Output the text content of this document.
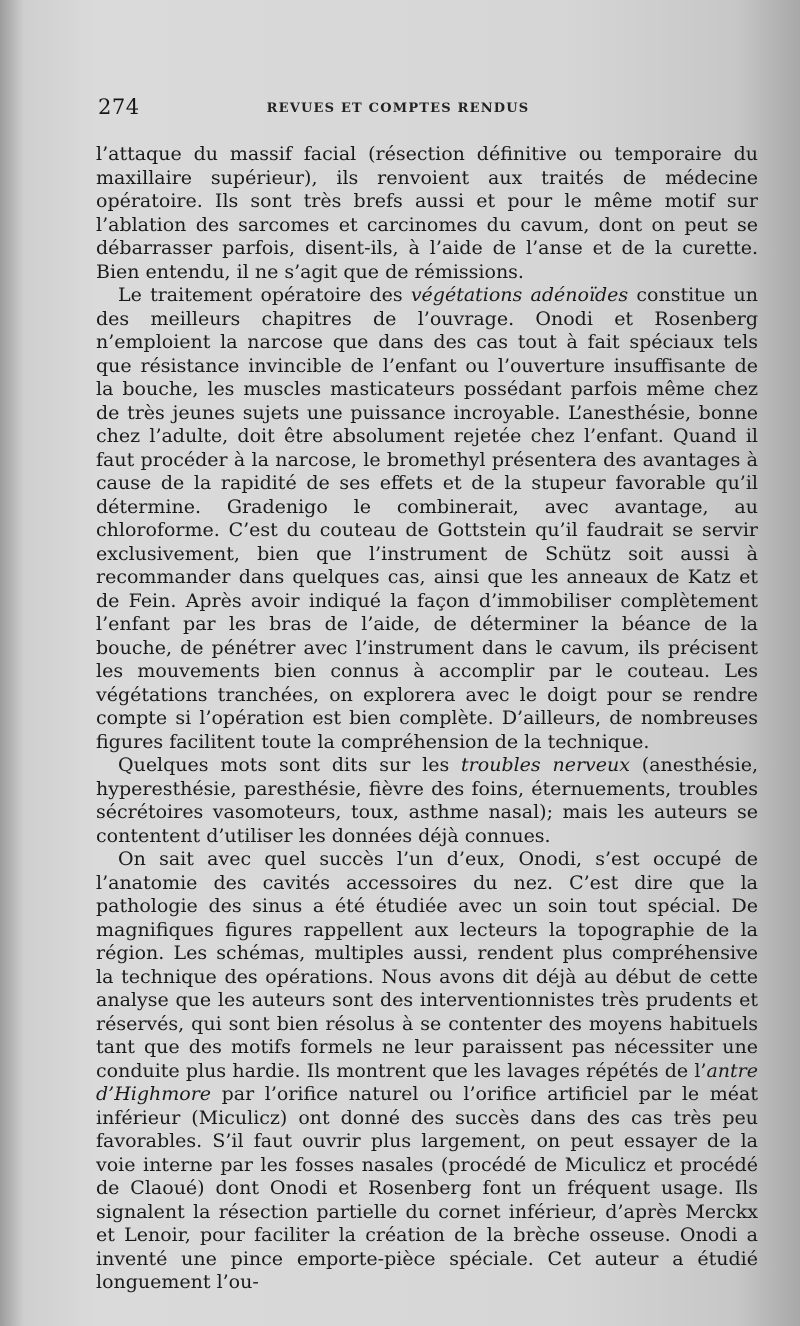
274	REVUES ET COMPTES RENDUS

l’attaque du massif facial (résection définitive ou temporaire du maxillaire supérieur), ils renvoient aux traités de médecine opératoire. Ils sont très brefs aussi et pour le même motif sur l’ablation des sarcomes et carcinomes du cavum, dont on peut se débarrasser parfois, disent-ils, à l’aide de l’anse et de la curette. Bien entendu, il ne s’agit que de rémissions.

Le traitement opératoire des végétations adénoïdes constitue un des meilleurs chapitres de l’ouvrage. Onodi et Rosenberg n’emploient la narcose que dans des cas tout à fait spéciaux tels que résistance invincible de l’enfant ou l’ouverture insuffisante de la bouche, les muscles masticateurs possédant parfois même chez de très jeunes sujets une puissance incroyable. L’anesthésie, bonne chez l’adulte, doit être absolument rejetée chez l’enfant. Quand il faut procéder à la narcose, le bromethyl présentera des avantages à cause de la rapidité de ses effets et de la stupeur favorable qu’il détermine. Gradenigo le combinerait, avec avantage, au chloroforme. C’est du couteau de Gottstein qu’il faudrait se servir exclusivement, bien que l’instrument de Schütz soit aussi à recommander dans quelques cas, ainsi que les anneaux de Katz et de Fein. Après avoir indiqué la façon d’immobiliser complètement l’enfant par les bras de l’aide, de déterminer la béance de la bouche, de pénétrer avec l’instrument dans le cavum, ils précisent les mouvements bien connus à accomplir par le couteau. Les végétations tranchées, on explorera avec le doigt pour se rendre compte si l’opération est bien complète. D’ailleurs, de nombreuses figures facilitent toute la compréhension de la technique.

Quelques mots sont dits sur les troubles nerveux (anesthésie, hyperesthésie, paresthésie, fièvre des foins, éternuements, troubles sécrétoires vasomoteurs, toux, asthme nasal); mais les auteurs se contentent d’utiliser les données déjà connues.

On sait avec quel succès l’un d’eux, Onodi, s’est occupé de l’anatomie des cavités accessoires du nez. C’est dire que la pathologie des sinus a été étudiée avec un soin tout spécial. De magnifiques figures rappellent aux lecteurs la topographie de la région. Les schémas, multiples aussi, rendent plus compréhensive la technique des opérations. Nous avons dit déjà au début de cette analyse que les auteurs sont des interventionnistes très prudents et réservés, qui sont bien résolus à se contenter des moyens habituels tant que des motifs formels ne leur paraissent pas nécessiter une conduite plus hardie. Ils montrent que les lavages répétés de l’antre d’Highmore par l’orifice naturel ou l’orifice artificiel par le méat inférieur (Miculicz) ont donné des succès dans des cas très peu favorables. S’il faut ouvrir plus largement, on peut essayer de la voie interne par les fosses nasales (procédé de Miculicz et procédé de Claoué) dont Onodi et Rosenberg font un fréquent usage. Ils signalent la résection partielle du cornet inférieur, d’après Merckx et Lenoir, pour faciliter la création de la brèche osseuse. Onodi a inventé une pince emporte-pièce spéciale. Cet auteur a étudié longuement l’ou-
